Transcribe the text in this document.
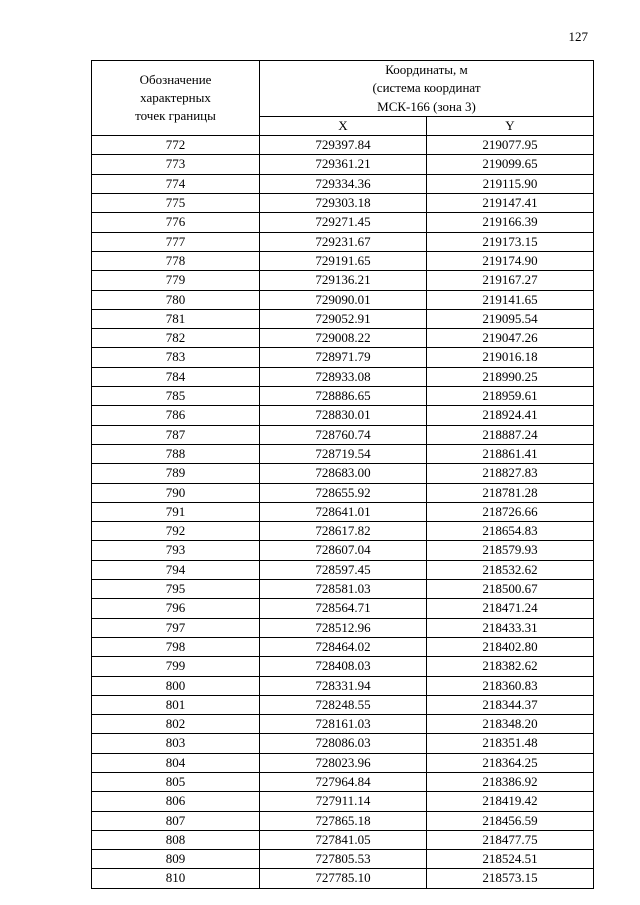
127
Обозначение
характерных
точек границы	Координаты, м
(система координат
МСК-166 (зона 3)	

	X	Y
772	729397.84	219077.95
773	729361.21	219099.65
774	729334.36	219115.90
775	729303.18	219147.41
776	729271.45	219166.39
777	729231.67	219173.15
778	729191.65	219174.90
779	729136.21	219167.27
780	729090.01	219141.65
781	729052.91	219095.54
782	729008.22	219047.26
783	728971.79	219016.18
784	728933.08	218990.25
785	728886.65	218959.61
786	728830.01	218924.41
787	728760.74	218887.24
788	728719.54	218861.41
789	728683.00	218827.83
790	728655.92	218781.28
791	728641.01	218726.66
792	728617.82	218654.83
793	728607.04	218579.93
794	728597.45	218532.62
795	728581.03	218500.67
796	728564.71	218471.24
797	728512.96	218433.31
798	728464.02	218402.80
799	728408.03	218382.62
800	728331.94	218360.83
801	728248.55	218344.37
802	728161.03	218348.20
803	728086.03	218351.48
804	728023.96	218364.25
805	727964.84	218386.92
806	727911.14	218419.42
807	727865.18	218456.59
808	727841.05	218477.75
809	727805.53	218524.51
810	727785.10	218573.15
